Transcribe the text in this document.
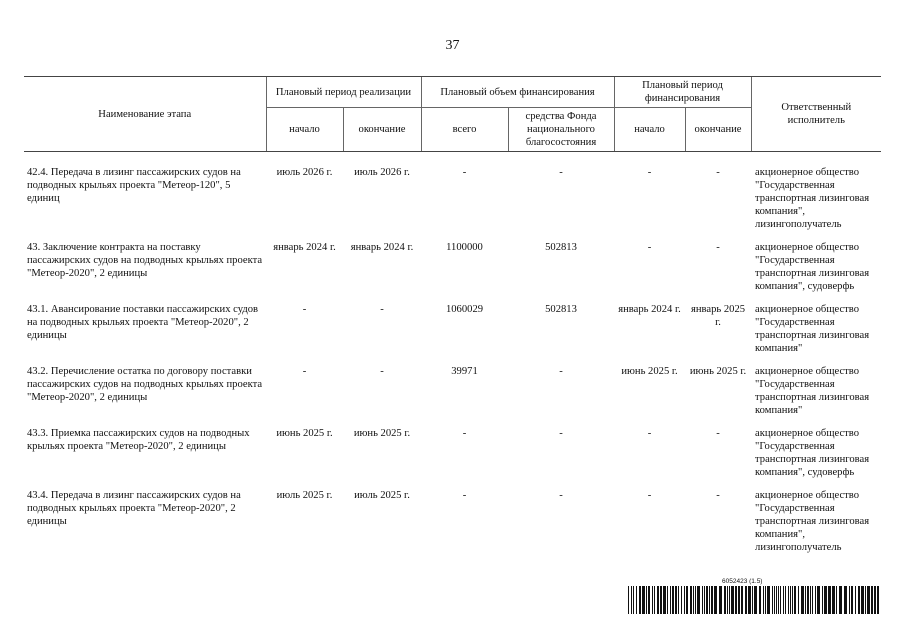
37
Наименование этапа	Плановый период реализации		Плановый объем финансирования		Плановый период финансирования		Ответственный исполнитель
	начало	окончание	всего	средства Фонда национального благосостояния	начало	окончание	

42.4. Передача в лизинг пассажирских судов на подводных крыльях проекта "Метеор-120", 5 единиц	июль 2026 г.	июль 2026 г.	-	-	-	-	акционерное общество "Государственная транспортная лизинговая компания", лизингополучатель
43. Заключение контракта на поставку пассажирских судов на подводных крыльях проекта "Метеор-2020", 2 единицы	январь 2024 г.	январь 2024 г.	1100000	502813	-	-	акционерное общество "Государственная транспортная лизинговая компания", судоверфь
43.1. Авансирование поставки пассажирских судов на подводных крыльях проекта "Метеор-2020", 2 единицы	-	-	1060029	502813	январь 2024 г.	январь 2025 г.	акционерное общество "Государственная транспортная лизинговая компания"
43.2. Перечисление остатка по договору поставки пассажирских судов на подводных крыльях проекта "Метеор-2020", 2 единицы	-	-	39971	-	июнь 2025 г.	июнь 2025 г.	акционерное общество "Государственная транспортная лизинговая компания"
43.3. Приемка пассажирских судов на подводных крыльях проекта "Метеор-2020", 2 единицы	июнь 2025 г.	июнь 2025 г.	-	-	-	-	акционерное общество "Государственная транспортная лизинговая компания", судоверфь
43.4. Передача в лизинг пассажирских судов на подводных крыльях проекта "Метеор-2020", 2 единицы	июль 2025 г.	июль 2025 г.	-	-	-	-	акционерное общество "Государственная транспортная лизинговая компания", лизингополучатель
6052423 (1.5)
